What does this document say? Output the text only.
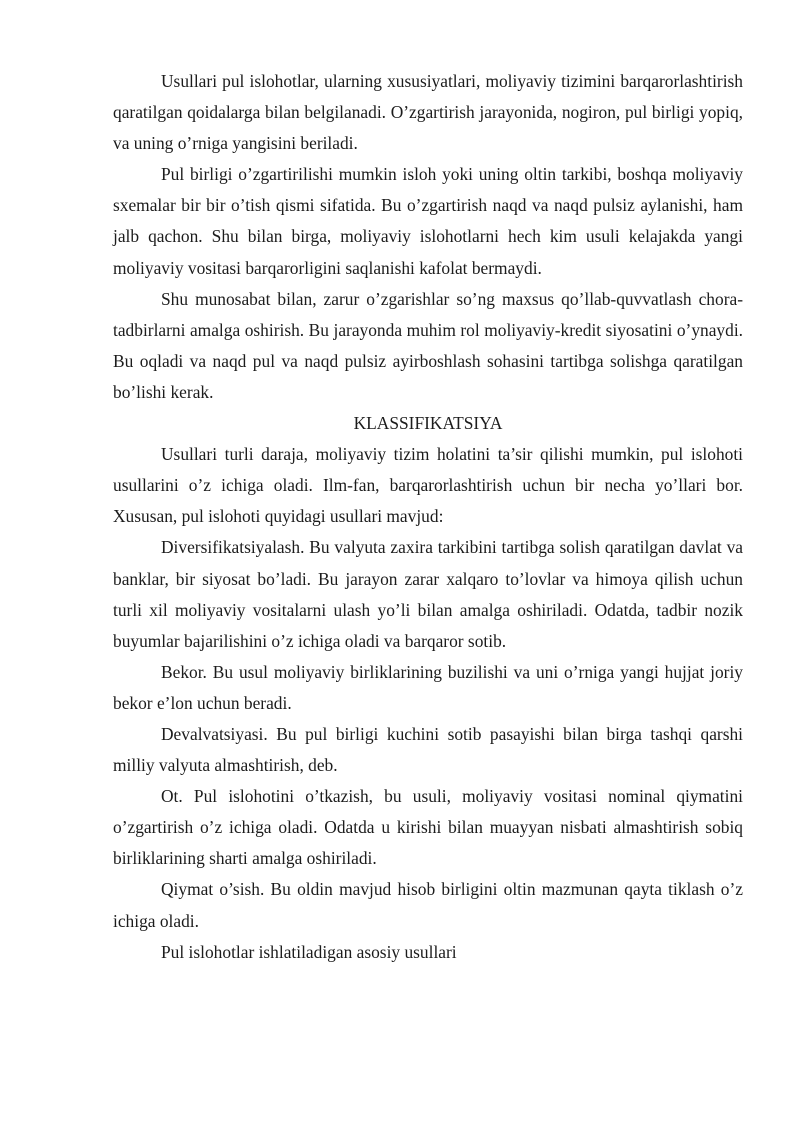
Usullari pul islohotlar, ularning xususiyatlari, moliyaviy tizimini barqarorlashtirish qaratilgan qoidalarga bilan belgilanadi. O’zgartirish jarayonida, nogiron, pul birligi yopiq, va uning o’rniga yangisini beriladi.

Pul birligi o’zgartirilishi mumkin isloh yoki uning oltin tarkibi, boshqa moliyaviy sxemalar bir bir o’tish qismi sifatida. Bu o’zgartirish naqd va naqd pulsiz aylanishi, ham jalb qachon. Shu bilan birga, moliyaviy islohotlarni hech kim usuli kelajakda yangi moliyaviy vositasi barqarorligini saqlanishi kafolat bermaydi.

Shu munosabat bilan, zarur o’zgarishlar so’ng maxsus qo’llab-quvvatlash chora-tadbirlarni amalga oshirish. Bu jarayonda muhim rol moliyaviy-kredit siyosatini o’ynaydi. Bu oqladi va naqd pul va naqd pulsiz ayirboshlash sohasini tartibga solishga qaratilgan bo’lishi kerak.

KLASSIFIKATSIYA

Usullari turli daraja, moliyaviy tizim holatini ta’sir qilishi mumkin, pul islohoti usullarini o’z ichiga oladi. Ilm-fan, barqarorlashtirish uchun bir necha yo’llari bor. Xususan, pul islohoti quyidagi usullari mavjud:

Diversifikatsiyalash. Bu valyuta zaxira tarkibini tartibga solish qaratilgan davlat va banklar, bir siyosat bo’ladi. Bu jarayon zarar xalqaro to’lovlar va himoya qilish uchun turli xil moliyaviy vositalarni ulash yo’li bilan amalga oshiriladi. Odatda, tadbir nozik buyumlar bajarilishini o’z ichiga oladi va barqaror sotib.

Bekor. Bu usul moliyaviy birliklarining buzilishi va uni o’rniga yangi hujjat joriy bekor e’lon uchun beradi.

Devalvatsiyasi. Bu pul birligi kuchini sotib pasayishi bilan birga tashqi qarshi milliy valyuta almashtirish, deb.

Ot. Pul islohotini o’tkazish, bu usuli, moliyaviy vositasi nominal qiymatini o’zgartirish o’z ichiga oladi. Odatda u kirishi bilan muayyan nisbati almashtirish sobiq birliklarining sharti amalga oshiriladi.

Qiymat o’sish. Bu oldin mavjud hisob birligini oltin mazmunan qayta tiklash o’z ichiga oladi.

Pul islohotlar ishlatiladigan asosiy usullari
